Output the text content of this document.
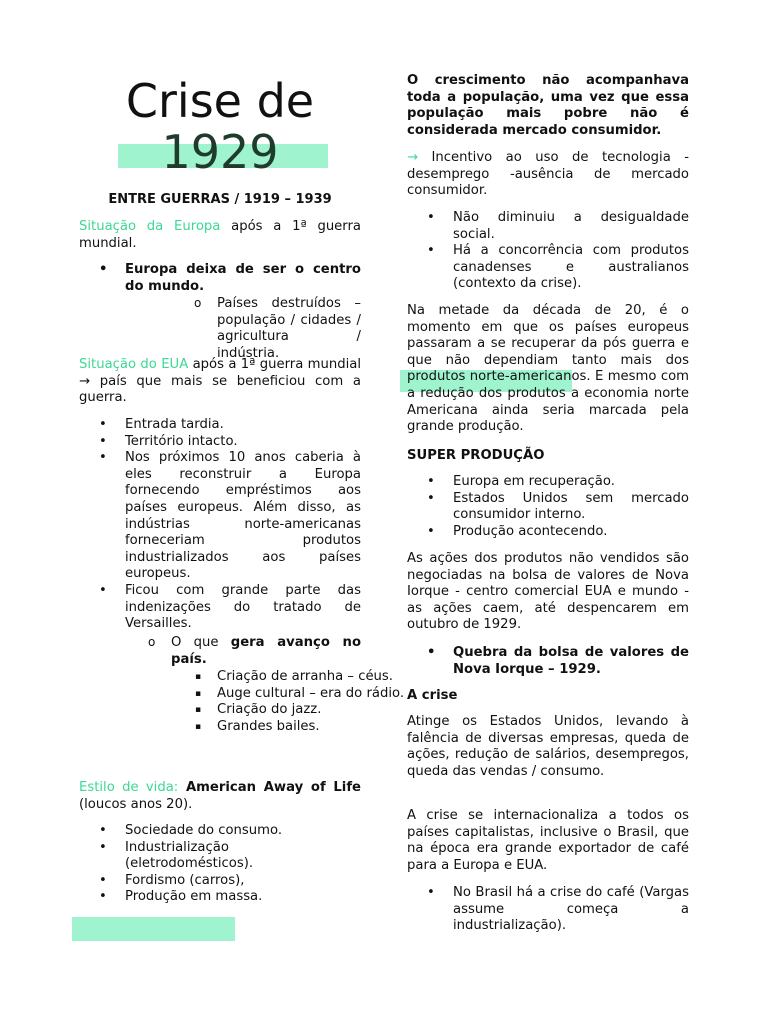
Crise de
1929
ENTRE GUERRAS / 1919 – 1939

Situação da Europa após a 1ª guerra mundial.

• Europa deixa de ser o centro do mundo.
o Países destruídos – população / cidades / agricultura / indústria.

Situação do EUA após a 1ª guerra mundial → país que mais se beneficiou com a guerra.

• Entrada tardia.
• Território intacto.
• Nos próximos 10 anos caberia à eles reconstruir a Europa fornecendo empréstimos aos países europeus. Além disso, as indústrias norte-americanas forneceriam produtos industrializados aos países europeus.
• Ficou com grande parte das indenizações do tratado de Versailles.
o O que gera avanço no país.
▪ Criação de arranha – céus.
▪ Auge cultural – era do rádio.
▪ Criação do jazz.
▪ Grandes bailes.

Estilo de vida: American Away of Life (loucos anos 20).

• Sociedade do consumo.
• Industrialização (eletrodomésticos).
• Fordismo (carros),
• Produção em massa.

O crescimento não acompanhava toda a população, uma vez que essa população mais pobre não é considerada mercado consumidor.

→ Incentivo ao uso de tecnologia - desemprego -ausência de mercado consumidor.

• Não diminuiu a desigualdade social.
• Há a concorrência com produtos canadenses e australianos (contexto da crise).

Na metade da década de 20, é o momento em que os países europeus passaram a se recuperar da pós guerra e que não dependiam tanto mais dos produtos norte-americanos. E mesmo com a redução dos produtos a economia norte Americana ainda seria marcada pela grande produção.

SUPER PRODUÇÃO

• Europa em recuperação.
• Estados Unidos sem mercado consumidor interno.
• Produção acontecendo.

As ações dos produtos não vendidos são negociadas na bolsa de valores de Nova Iorque - centro comercial EUA e mundo - as ações caem, até despencarem em outubro de 1929.

• Quebra da bolsa de valores de Nova Iorque – 1929.

A crise

Atinge os Estados Unidos, levando à falência de diversas empresas, queda de ações, redução de salários, desempregos, queda das vendas / consumo.

A crise se internacionaliza a todos os países capitalistas, inclusive o Brasil, que na época era grande exportador de café para a Europa e EUA.

• No Brasil há a crise do café (Vargas assume começa a industrialização).
